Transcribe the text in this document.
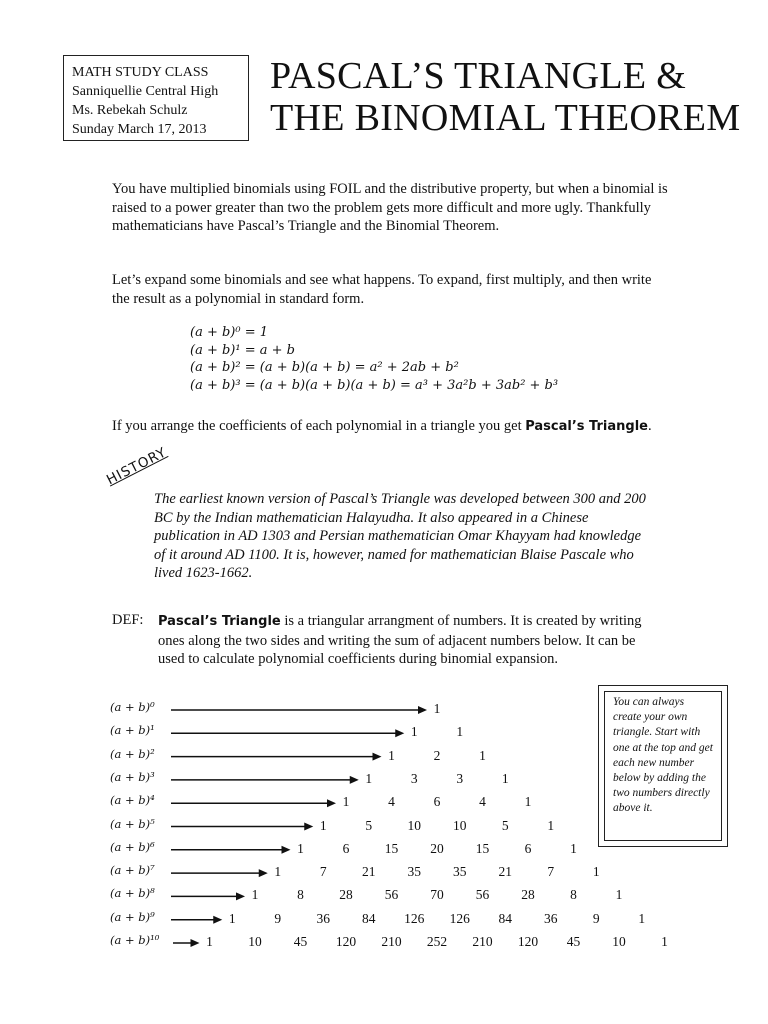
MATH STUDY CLASS
Sanniquellie Central High
Ms. Rebekah Schulz
Sunday March 17, 2013
PASCAL’S TRIANGLE &
THE BINOMIAL THEOREM
You have multiplied binomials using FOIL and the distributive property, but when a binomial is raised to a power greater than two the problem gets more difficult and more ugly. Thankfully mathematicians have Pascal’s Triangle and the Binomial Theorem.
Let’s expand some binomials and see what happens. To expand, first multiply, and then write the result as a polynomial in standard form.
(a + b)⁰ = 1
(a + b)¹ = a + b
(a + b)² = (a + b)(a + b) = a² + 2ab + b²
(a + b)³ = (a + b)(a + b)(a + b) = a³ + 3a²b + 3ab² + b³
If you arrange the coefficients of each polynomial in a triangle you get Pascal’s Triangle.
HISTORY
The earliest known version of Pascal’s Triangle was developed between 300 and 200 BC by the Indian mathematician Halayudha. It also appeared in a Chinese publication in AD 1303 and Persian mathematician Omar Khayyam had knowledge of it around AD 1100. It is, however, named for mathematician Blaise Pascale who lived 1623-1662.
DEF: Pascal’s Triangle is a triangular arrangment of numbers. It is created by writing ones along the two sides and writing the sum of adjacent numbers below. It can be used to calculate polynomial coefficients during binomial expansion.
You can always create your own triangle. Start with one at the top and get each new number below by adding the two numbers directly above it.
(a + b)⁰	1
(a + b)¹	1	1
(a + b)²	1	2	1
(a + b)³	1	3	3	1
(a + b)⁴	1	4	6	4	1
(a + b)⁵	1	5	10 10	5	1
(a + b)⁶	1	6	15 20 15	6	1
(a + b)⁷	1	7	21 35 35 21	7	1
(a + b)⁸	1	8	28 56 70 56 28	8	1
(a + b)⁹	1	9	36 84 126 126 84 36	9	1
(a + b)¹⁰	1	10 45 120 210 252 210 120 45 10	1
